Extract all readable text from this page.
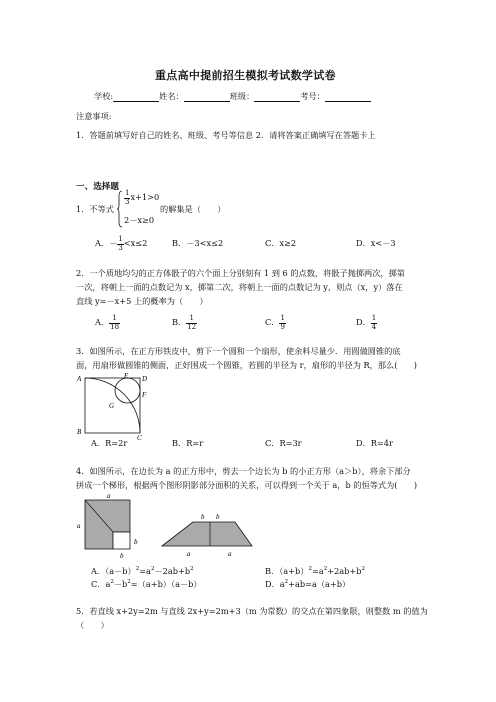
重点高中提前招生模拟考试数学试卷
学校:	姓名：	班级：	考号：
注意事项:
1．答题前填写好自己的姓名、班级、考号等信息 2．请将答案正确填写在答题卡上
一、选择题
1．不等式
$\frac{1}{3} x+1>0$
2－x≥0
的解集是（　　）
A．－ $\frac{1}{3} <x\le 2$	B．－3<x≤2	C．x≥2	D．x<－3
2．一个质地均匀的正方体骰子的六个面上分别刻有 1 到 6 的点数，将骰子抛掷两次，掷第
一次，将朝上一面的点数记为 x，掷第二次，将朝上一面的点数记为 y，则点（x，y）落在
直线 y=－x+5 上的概率为（　　）
A． $\frac{1}{18}$	B． $\frac{1}{12}$	C． $\frac{1}{9}$	D． $\frac{1}{4}$
3．如图所示，在正方形铁皮中，剪下一个圆和一个扇形，使余料尽量少．用圆做圆锥的底
面，用扇形做圆锥的侧面，正好围成一个圆锥，若圆的半径为 r，扇形的半径为 R，那么(　　)
A	E D
F
G
B
C
A．R=2r	B．R=r	C．R=3r	D．R=4r
4．如图所示，在边长为 a 的正方形中，剪去一个边长为 b 的小正方形（a＞b），将余下部分
拼成一个梯形，根据两个图形阴影部分面积的关系，可以得到一个关于 a，b 的恒等式为(　　)
a
a
b
b
b b
a	a
A．$(a-b)^2=a^2-2ab+b^2$	B．$(a+b)^2=a^2+2ab+b^2$
C．$a^2-b^2=(a+b)(a-b)$	D．$a^2+ab=a(a+b)$
5．若直线 x+2y=2m 与直线 2x+y=2m+3（m 为常数）的交点在第四象限，则整数 m 的值为
（　　）
